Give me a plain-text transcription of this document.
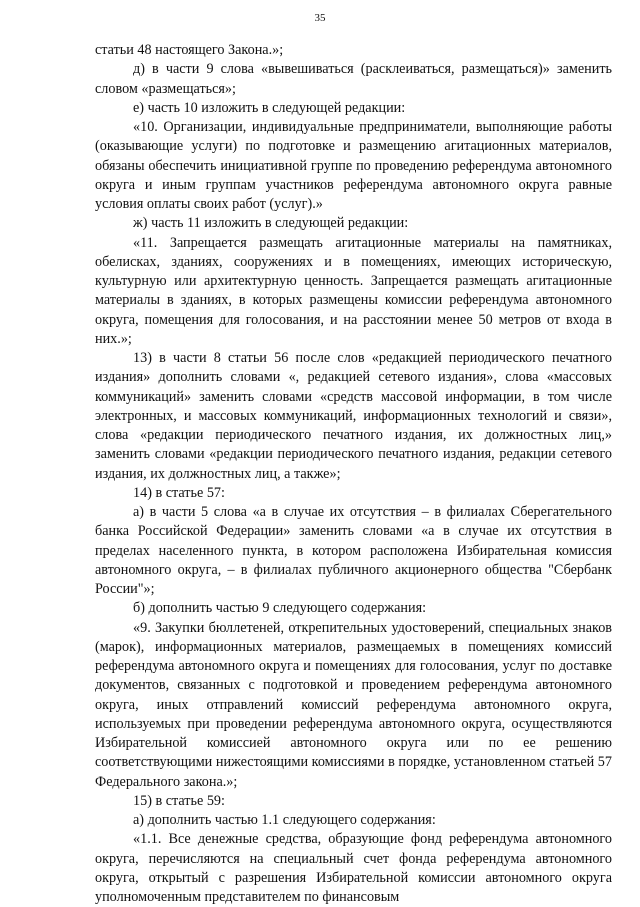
35

статьи 48 настоящего Закона.»;

д) в части 9 слова «вывешиваться (расклеиваться, размещаться)» заменить словом «размещаться»;

е) часть 10 изложить в следующей редакции:

«10. Организации, индивидуальные предприниматели, выполняющие работы (оказывающие услуги) по подготовке и размещению агитационных материалов, обязаны обеспечить инициативной группе по проведению референдума автономного округа и иным группам участников референдума автономного округа равные условия оплаты своих работ (услуг).»

ж) часть 11 изложить в следующей редакции:

«11. Запрещается размещать агитационные материалы на памятниках, обелисках, зданиях, сооружениях и в помещениях, имеющих историческую, культурную или архитектурную ценность. Запрещается размещать агитационные материалы в зданиях, в которых размещены комиссии референдума автономного округа, помещения для голосования, и на расстоянии менее 50 метров от входа в них.»;

13) в части 8 статьи 56 после слов «редакцией периодического печатного издания» дополнить словами «, редакцией сетевого издания», слова «массовых коммуникаций» заменить словами «средств массовой информации, в том числе электронных, и массовых коммуникаций, информационных технологий и связи», слова «редакции периодического печатного издания, их должностных лиц,» заменить словами «редакции периодического печатного издания, редакции сетевого издания, их должностных лиц, а также»;

14) в статье 57:

а) в части 5 слова «а в случае их отсутствия – в филиалах Сберегательного банка Российской Федерации» заменить словами «а в случае их отсутствия в пределах населенного пункта, в котором расположена Избирательная комиссия автономного округа, – в филиалах публичного акционерного общества "Сбербанк России"»;

б) дополнить частью 9 следующего содержания:

«9. Закупки бюллетеней, открепительных удостоверений, специальных знаков (марок), информационных материалов, размещаемых в помещениях комиссий референдума автономного округа и помещениях для голосования, услуг по доставке документов, связанных с подготовкой и проведением референдума автономного округа, иных отправлений комиссий референдума автономного округа, используемых при проведении референдума автономного округа, осуществляются Избирательной комиссией автономного округа или по ее решению соответствующими нижестоящими комиссиями в порядке, установленном статьей 57 Федерального закона.»;

15) в статье 59:

а) дополнить частью 1.1 следующего содержания:

«1.1. Все денежные средства, образующие фонд референдума автономного округа, перечисляются на специальный счет фонда референдума автономного округа, открытый с разрешения Избирательной комиссии автономного округа уполномоченным представителем по финансовым
